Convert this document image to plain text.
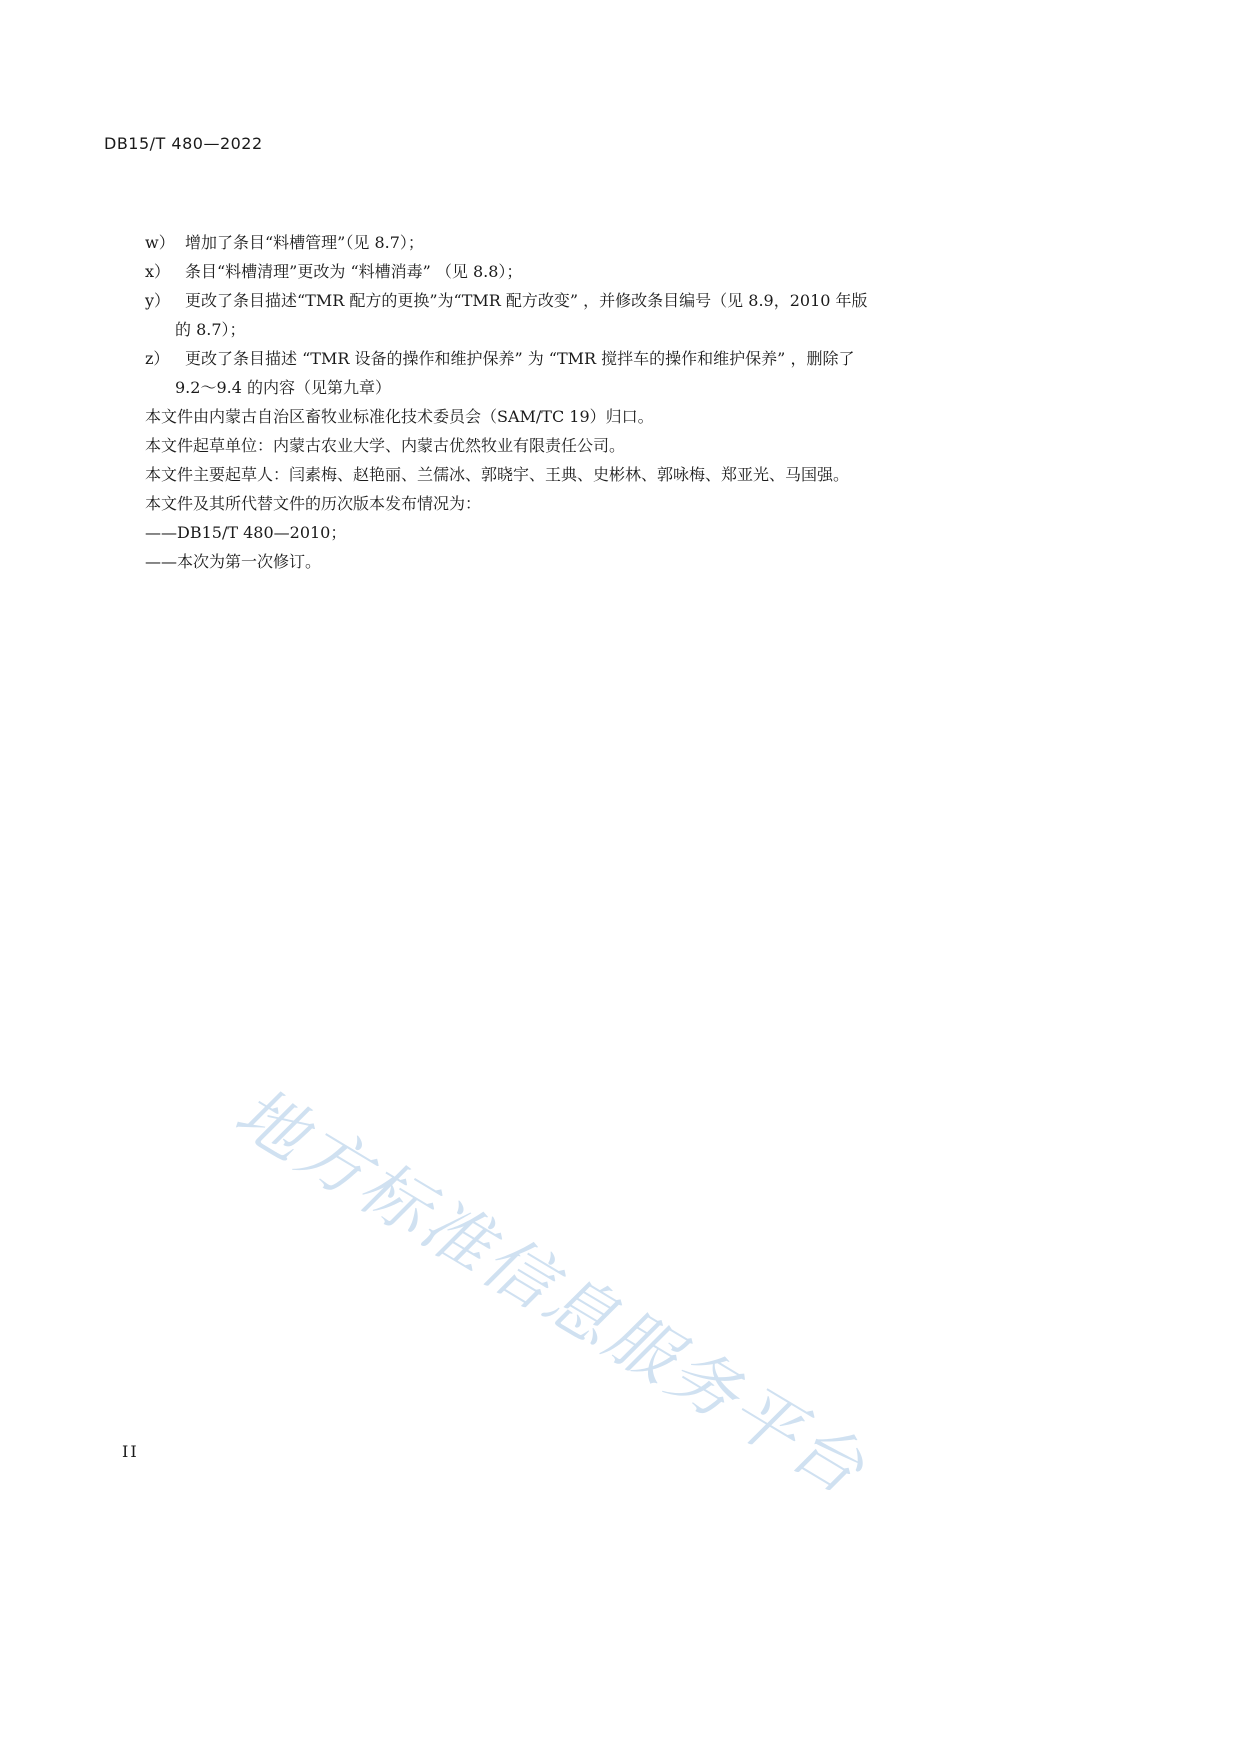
DB15/T 480—2022
w） 增加了条目“料槽管理”（见 8.7）；
x） 条目“料槽清理”更改为 “料槽消毒” （见 8.8）；
y） 更改了条目描述“TMR 配方的更换”为“TMR 配方改变” ，并修改条目编号（见 8.9，2010 年版
的 8.7）；
z） 更改了条目描述 “TMR 设备的操作和维护保养” 为 “TMR 搅拌车的操作和维护保养” ，删除了
9.2～9.4 的内容（见第九章）
本文件由内蒙古自治区畜牧业标准化技术委员会（SAM/TC 19）归口。
本文件起草单位：内蒙古农业大学、内蒙古优然牧业有限责任公司。
本文件主要起草人：闫素梅、赵艳丽、兰儒冰、郭晓宇、王典、史彬林、郭咏梅、郑亚光、马国强。
本文件及其所代替文件的历次版本发布情况为：
——DB15/T 480—2010；
——本次为第一次修订。
地方标准信息服务平台
II
